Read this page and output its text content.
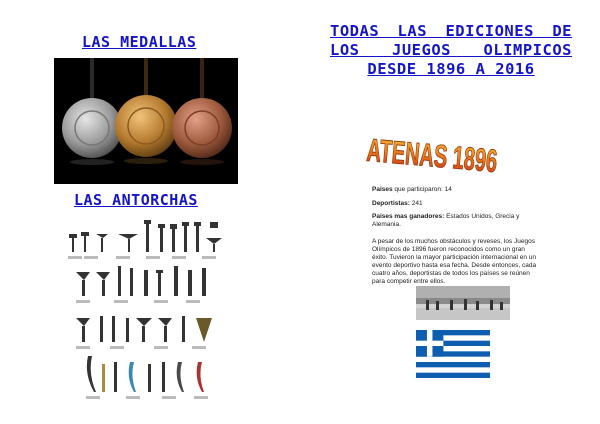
LAS MEDALLAS
LAS ANTORCHAS
TODAS LAS EDICIONES DE
LOS JUEGOS OLIMPICOS
DESDE 1896 A 2016
ATENAS 1896
Paises que participaron: 14
Deportistas: 241
Paises mas ganadores: Estados Unidos, Grecia y Alemania.
A pesar de los muchos obstáculos y reveses, los Juegos Olímpicos de 1896 fueron reconocidos como un gran éxito. Tuvieron la mayor participación internacional en un evento deportivo hasta esa fecha. Desde entonces, cada cuatro años, deportistas de todos los países se reúnen para competir entre ellos.
